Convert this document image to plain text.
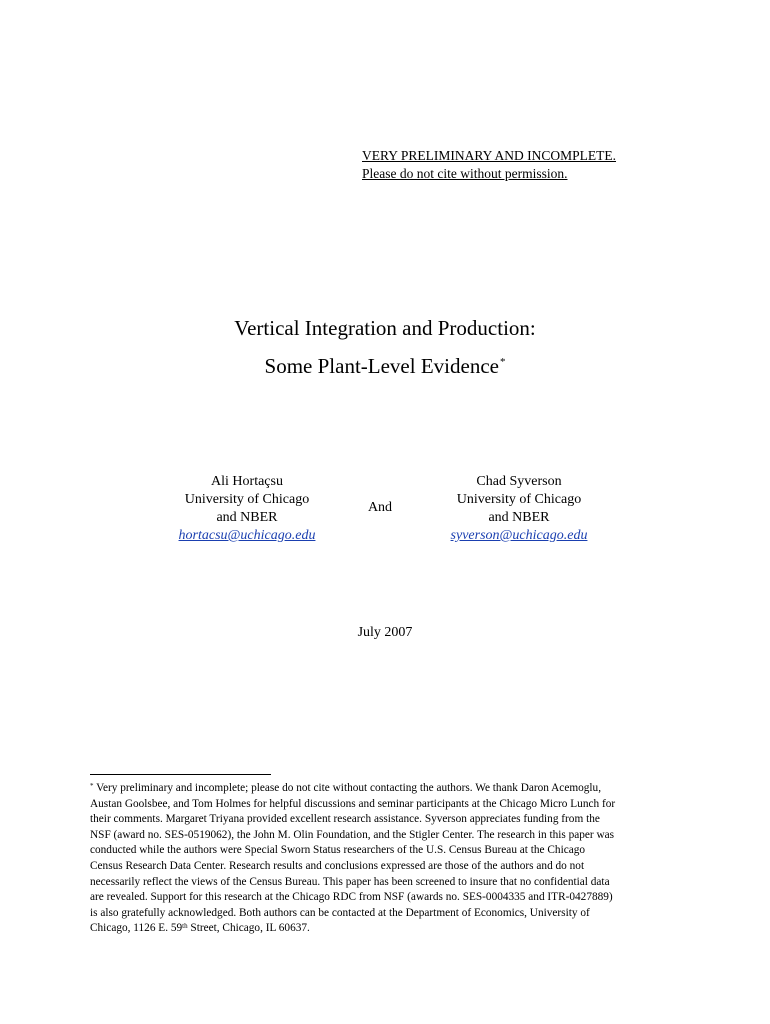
VERY PRELIMINARY AND INCOMPLETE.
Please do not cite without permission.
Vertical Integration and Production:
Some Plant-Level Evidence*
Ali Hortaçsu
University of Chicago
and NBER
hortacsu@uchicago.edu
And
Chad Syverson
University of Chicago
and NBER
syverson@uchicago.edu
July 2007
* Very preliminary and incomplete; please do not cite without contacting the authors. We thank Daron Acemoglu,
Austan Goolsbee, and Tom Holmes for helpful discussions and seminar participants at the Chicago Micro Lunch for
their comments. Margaret Triyana provided excellent research assistance. Syverson appreciates funding from the
NSF (award no. SES-0519062), the John M. Olin Foundation, and the Stigler Center. The research in this paper was
conducted while the authors were Special Sworn Status researchers of the U.S. Census Bureau at the Chicago
Census Research Data Center. Research results and conclusions expressed are those of the authors and do not
necessarily reflect the views of the Census Bureau. This paper has been screened to insure that no confidential data
are revealed. Support for this research at the Chicago RDC from NSF (awards no. SES-0004335 and ITR-0427889)
is also gratefully acknowledged. Both authors can be contacted at the Department of Economics, University of
Chicago, 1126 E. 59th Street, Chicago, IL 60637.
